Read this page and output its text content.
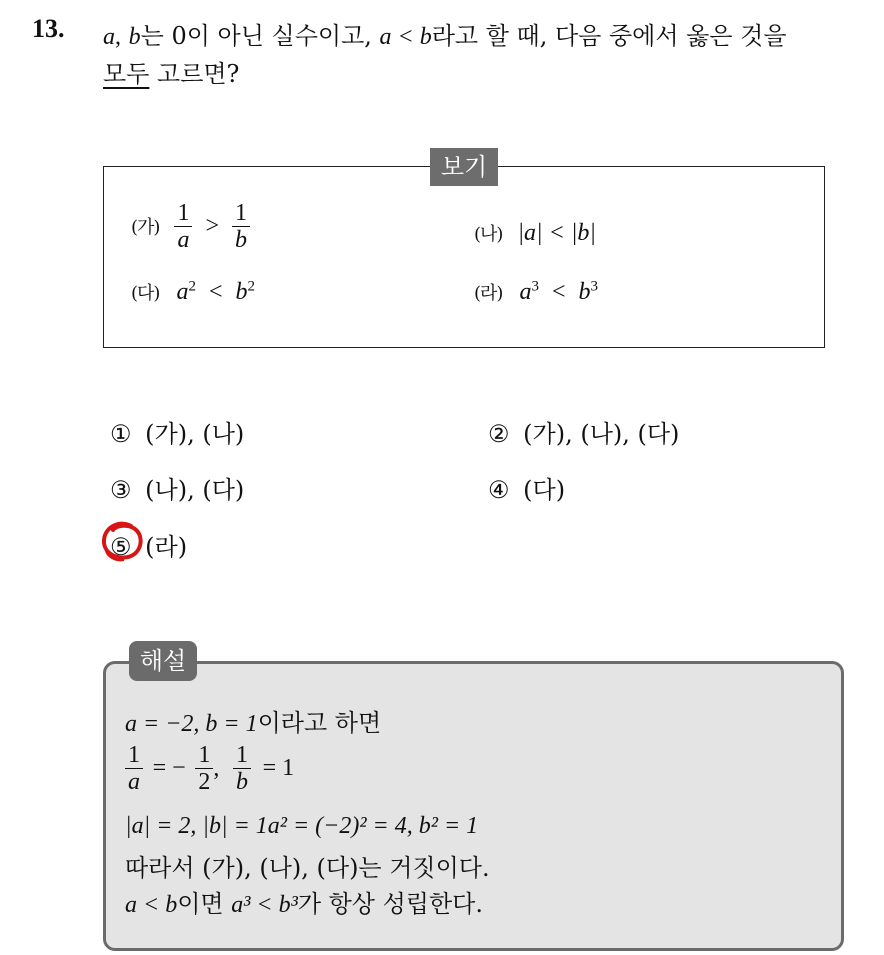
13. a, b는 0이 아닌 실수이고, a < b라고 할 때, 다음 중에서 옳은 것을
모두 고르면?
보기
(가) $\frac{1}{a} > \frac{1}{b}$	(나) |a| < |b|
(다) $a^2 < b^2$	(라) $a^3 < b^3$
① (가), (나)	② (가), (나), (다)
③ (나), (다)	④ (다)
⑤ (라)
해설
a = −2, b = 1이라고 하면
$\frac{1}{a}$ = − $\frac{1}{2}$ , $\frac{1}{b} = 1$
|a| = 2, |b| = 1a² = (−2)² = 4, b² = 1
따라서 (가), (나), (다)는 거짓이다.
a < b이면 a³ < b³가 항상 성립한다.
